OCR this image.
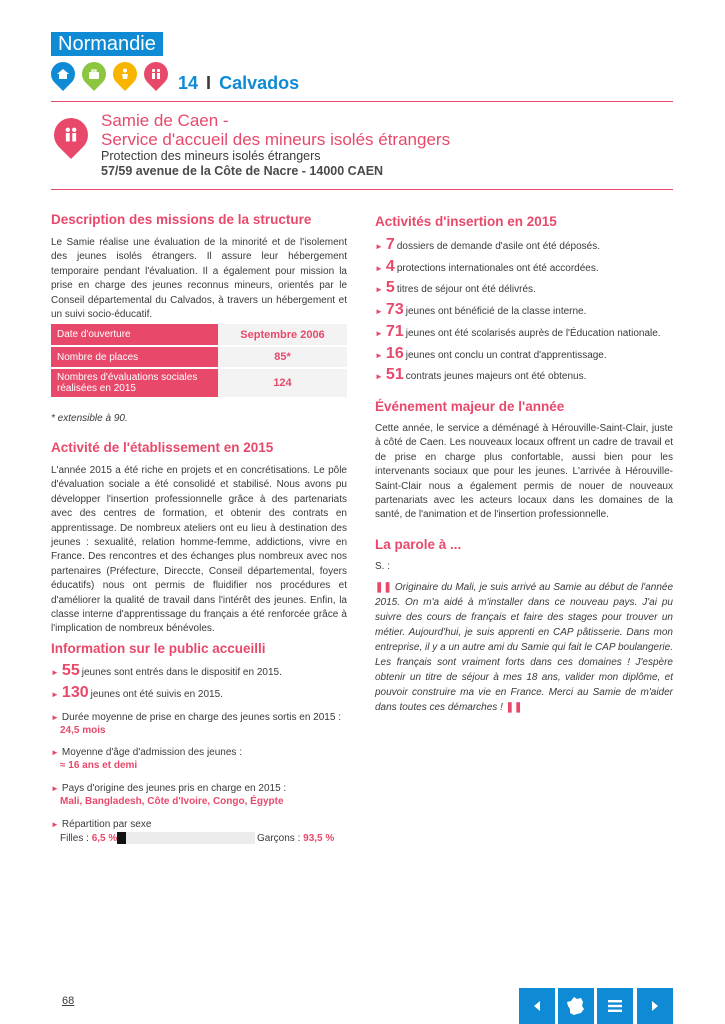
Normandie
14 I Calvados
Samie de Caen -
Service d'accueil des mineurs isolés étrangers
Protection des mineurs isolés étrangers
57/59 avenue de la Côte de Nacre - 14000 CAEN
Description des missions de la structure

Le Samie réalise une évaluation de la minorité et de l'isolement des jeunes isolés étrangers. Il assure leur hébergement temporaire pendant l'évaluation. Il a également pour mission la prise en charge des jeunes reconnus mineurs, orientés par le Conseil départemental du Calvados, à travers un hébergement et un suivi socio-éducatif.

Date d'ouverture	Septembre 2006
Nombre de places	85*
Nombres d'évaluations sociales réalisées en 2015	124
* extensible à 90.
Activité de l'établissement en 2015

L'année 2015 a été riche en projets et en concrétisations. Le pôle d'évaluation sociale a été consolidé et stabilisé. Nous avons pu développer l'insertion professionnelle grâce à des partenariats avec des centres de formation, et obtenir des contrats en apprentissage. De nombreux ateliers ont eu lieu à destination des jeunes : sexualité, relation homme-femme, addictions, vivre en France. Des rencontres et des échanges plus nombreux avec nos partenaires (Préfecture, Direccte, Conseil départemental, foyers éducatifs) nous ont permis de fluidifier nos procédures et d'améliorer la qualité de travail dans l'intérêt des jeunes. Enfin, la classe interne d'apprentissage du français a été renforcée grâce à l'implication de nombreux bénévoles.

Information sur le public accueilli
► 55 jeunes sont entrés dans le dispositif en 2015.
► 130 jeunes ont été suivis en 2015.
► Durée moyenne de prise en charge des jeunes sortis en 2015 :
24,5 mois
► Moyenne d'âge d'admission des jeunes :
≈ 16 ans et demi
► Pays d'origine des jeunes pris en charge en 2015 :
Mali, Bangladesh, Côte d'Ivoire, Congo, Égypte
► Répartition par sexe
Filles : 6,5 %	Garçons : 93,5 %
Activités d'insertion en 2015
► 7 dossiers de demande d'asile ont été déposés.
► 4 protections internationales ont été accordées.
► 5 titres de séjour ont été délivrés.
► 73 jeunes ont bénéficié de la classe interne.
► 71 jeunes ont été scolarisés auprès de l'Éducation nationale.
► 16 jeunes ont conclu un contrat d'apprentissage.
► 51 contrats jeunes majeurs ont été obtenus.
Événement majeur de l'année

Cette année, le service a déménagé à Hérouville-Saint-Clair, juste à côté de Caen. Les nouveaux locaux offrent un cadre de travail et de prise en charge plus confortable, aussi bien pour les intervenants sociaux que pour les jeunes. L'arrivée à Hérouville-Saint-Clair nous a également permis de nouer de nouveaux partenariats avec les acteurs locaux dans les domaines de la santé, de l'animation et de l'insertion professionnelle.

La parole à ...
S. :
❚❚ Originaire du Mali, je suis arrivé au Samie au début de l'année 2015. On m'a aidé à m'installer dans ce nouveau pays. J'ai pu suivre des cours de français et faire des stages pour trouver un métier. Aujourd'hui, je suis apprenti en CAP pâtisserie. Dans mon entreprise, il y a un autre ami du Samie qui fait le CAP boulangerie. Les français sont vraiment forts dans ces domaines ! J'espère obtenir un titre de séjour à mes 18 ans, valider mon diplôme, et pouvoir construire ma vie en France. Merci au Samie de m'aider dans toutes ces démarches ! ❚❚
68
